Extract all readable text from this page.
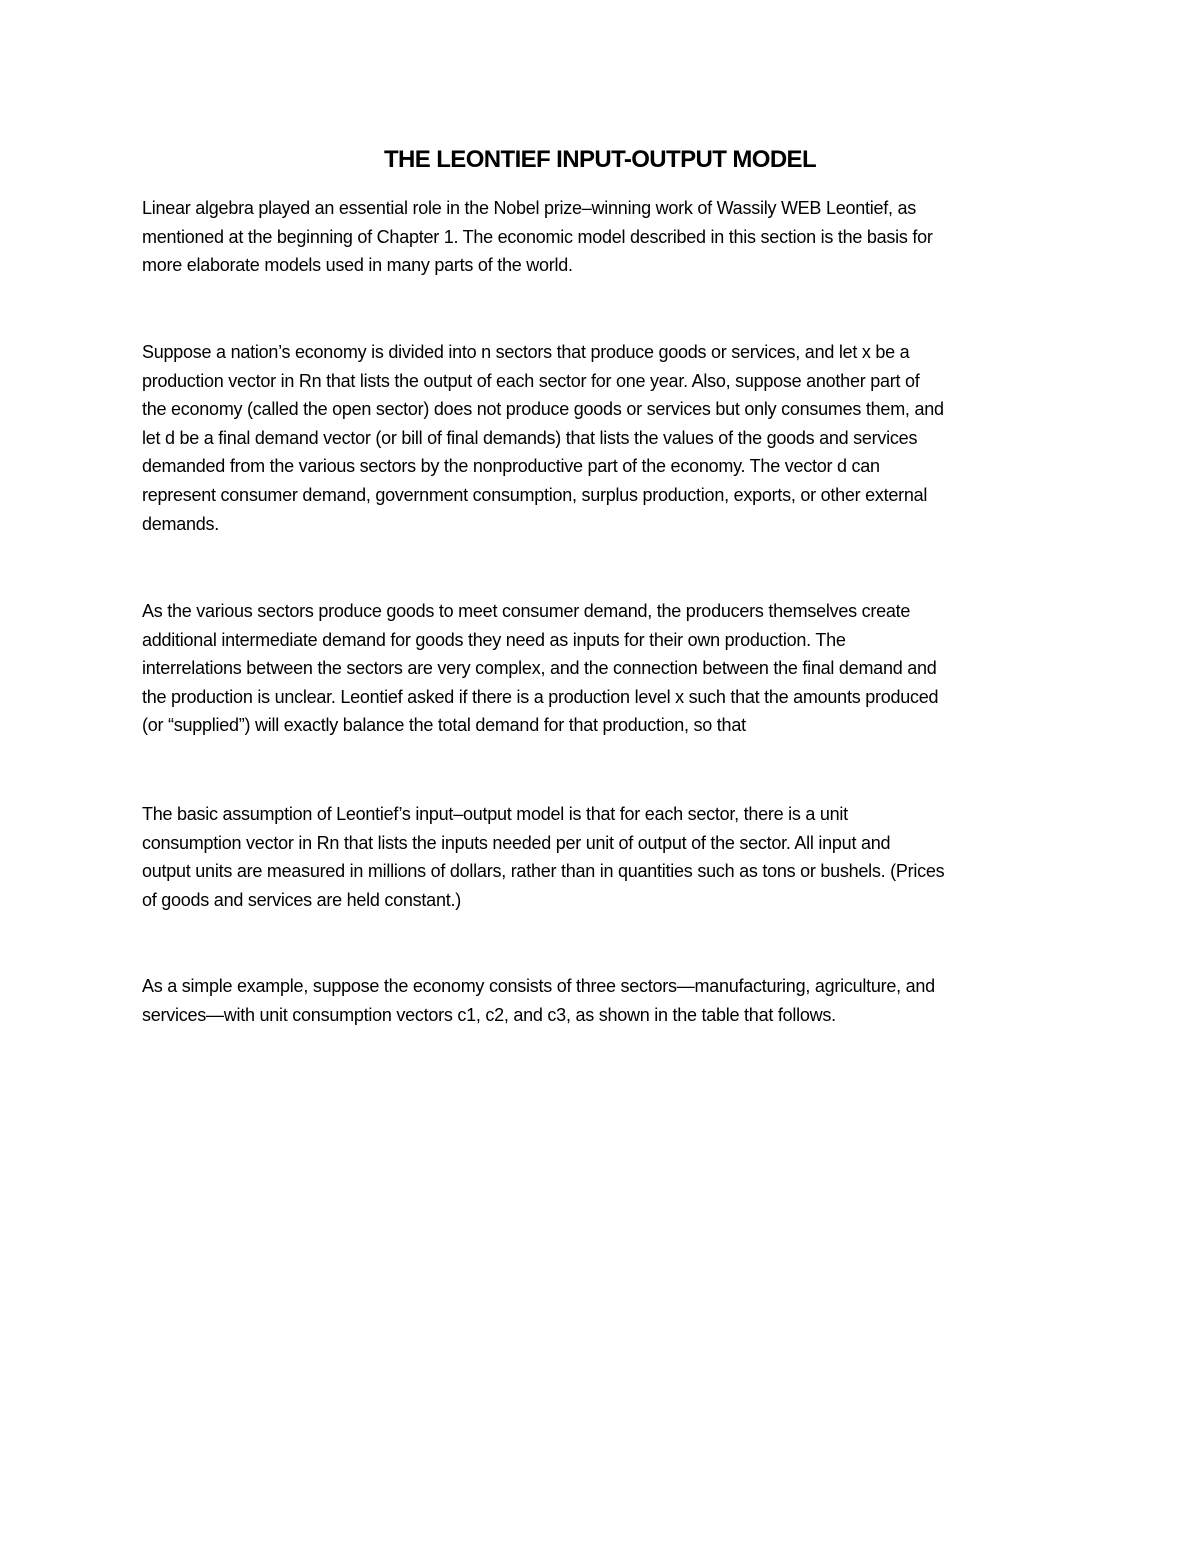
THE LEONTIEF INPUT-OUTPUT MODEL

Linear algebra played an essential role in the Nobel prize–winning work of Wassily WEB Leontief, as
mentioned at the beginning of Chapter 1. The economic model described in this section is the basis for
more elaborate models used in many parts of the world.

Suppose a nation’s economy is divided into n sectors that produce goods or services, and let x be a
production vector in Rn that lists the output of each sector for one year. Also, suppose another part of
the economy (called the open sector) does not produce goods or services but only consumes them, and
let d be a final demand vector (or bill of final demands) that lists the values of the goods and services
demanded from the various sectors by the nonproductive part of the economy. The vector d can
represent consumer demand, government consumption, surplus production, exports, or other external
demands.

As the various sectors produce goods to meet consumer demand, the producers themselves create
additional intermediate demand for goods they need as inputs for their own production. The
interrelations between the sectors are very complex, and the connection between the final demand and
the production is unclear. Leontief asked if there is a production level x such that the amounts produced
(or “supplied”) will exactly balance the total demand for that production, so that

The basic assumption of Leontief’s input–output model is that for each sector, there is a unit
consumption vector in Rn that lists the inputs needed per unit of output of the sector. All input and
output units are measured in millions of dollars, rather than in quantities such as tons or bushels. (Prices
of goods and services are held constant.)

As a simple example, suppose the economy consists of three sectors—manufacturing, agriculture, and
services—with unit consumption vectors c1, c2, and c3, as shown in the table that follows.
